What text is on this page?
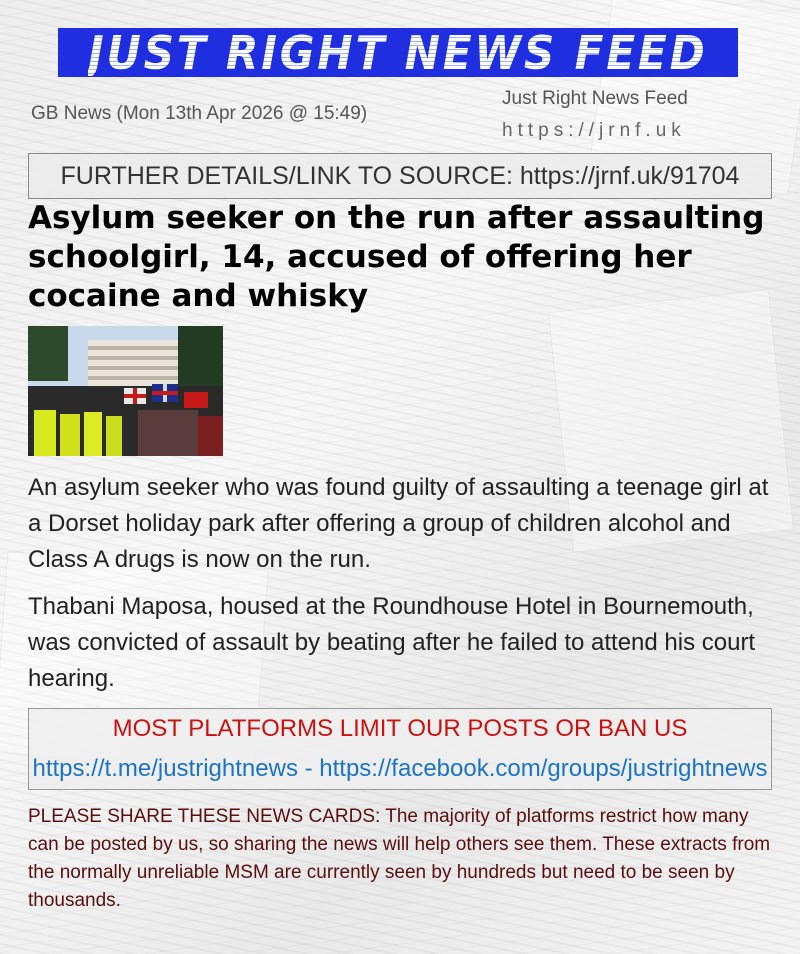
JUST RIGHT NEWS FEED
GB News (Mon 13th Apr 2026 @ 15:49)
Just Right News Feed
https://jrnf.uk
FURTHER DETAILS/LINK TO SOURCE: https://jrnf.uk/91704
Asylum seeker on the run after assaulting schoolgirl, 14, accused of offering her cocaine and whisky

An asylum seeker who was found guilty of assaulting a teenage girl at a Dorset holiday park after offering a group of children alcohol and Class A drugs is now on the run.

Thabani Maposa, housed at the Roundhouse Hotel in Bournemouth, was convicted of assault by beating after he failed to attend his court hearing.

MOST PLATFORMS LIMIT OUR POSTS OR BAN US
https://t.me/justrightnews - https://facebook.com/groups/justrightnews

PLEASE SHARE THESE NEWS CARDS: The majority of platforms restrict how many can be posted by us, so sharing the news will help others see them. These extracts from the normally unreliable MSM are currently seen by hundreds but need to be seen by thousands.
